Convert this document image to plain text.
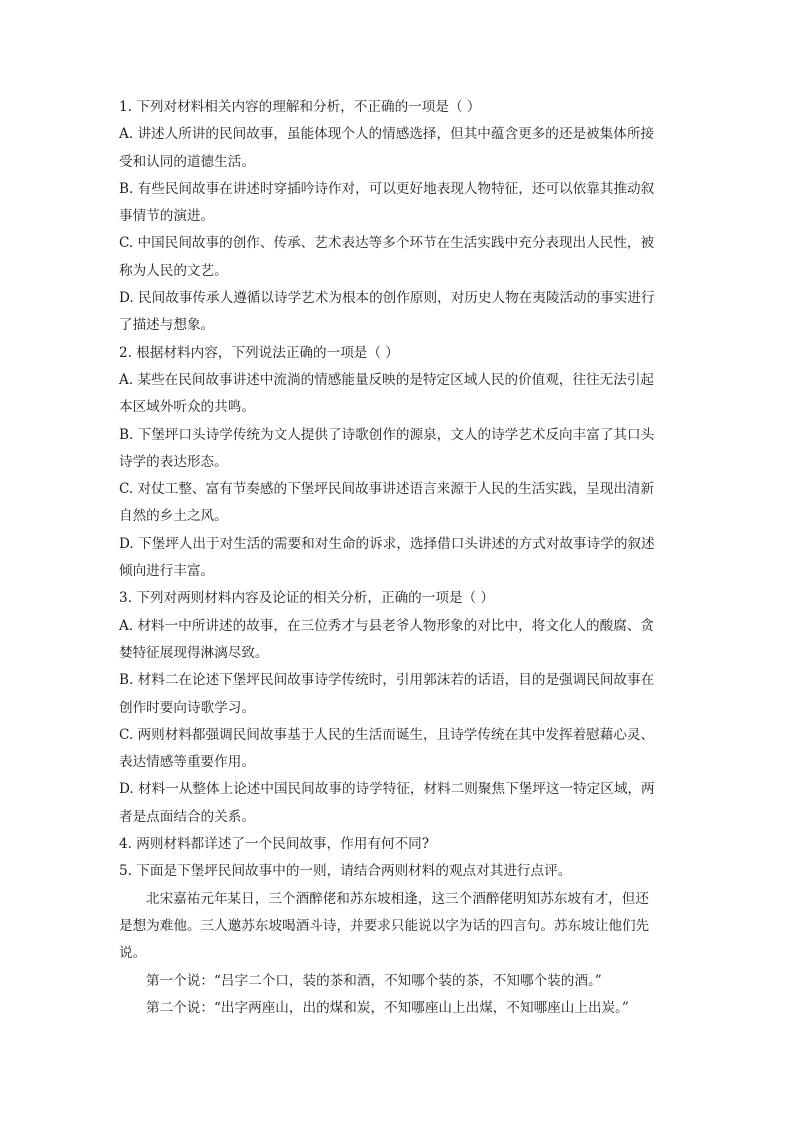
1. 下列对材料相关内容的理解和分析，不正确的一项是（ ）
A. 讲述人所讲的民间故事，虽能体现个人的情感选择，但其中蕴含更多的还是被集体所接
受和认同的道德生活。
B. 有些民间故事在讲述时穿插吟诗作对，可以更好地表现人物特征，还可以依靠其推动叙
事情节的演进。
C. 中国民间故事的创作、传承、艺术表达等多个环节在生活实践中充分表现出人民性，被
称为人民的文艺。
D. 民间故事传承人遵循以诗学艺术为根本的创作原则，对历史人物在夷陵活动的事实进行
了描述与想象。
2. 根据材料内容，下列说法正确的一项是（ ）
A. 某些在民间故事讲述中流淌的情感能量反映的是特定区域人民的价值观，往往无法引起
本区域外听众的共鸣。
B. 下堡坪口头诗学传统为文人提供了诗歌创作的源泉，文人的诗学艺术反向丰富了其口头
诗学的表达形态。
C. 对仗工整、富有节奏感的下堡坪民间故事讲述语言来源于人民的生活实践，呈现出清新
自然的乡土之风。
D. 下堡坪人出于对生活的需要和对生命的诉求，选择借口头讲述的方式对故事诗学的叙述
倾向进行丰富。
3. 下列对两则材料内容及论证的相关分析，正确的一项是（ ）
A. 材料一中所讲述的故事，在三位秀才与县老爷人物形象的对比中，将文化人的酸腐、贪
婪特征展现得淋漓尽致。
B. 材料二在论述下堡坪民间故事诗学传统时，引用郭沫若的话语，目的是强调民间故事在
创作时要向诗歌学习。
C. 两则材料都强调民间故事基于人民的生活而诞生，且诗学传统在其中发挥着慰藉心灵、
表达情感等重要作用。
D. 材料一从整体上论述中国民间故事的诗学特征，材料二则聚焦下堡坪这一特定区域，两
者是点面结合的关系。
4. 两则材料都详述了一个民间故事，作用有何不同?
5. 下面是下堡坪民间故事中的一则，请结合两则材料的观点对其进行点评。
北宋嘉祐元年某日，三个酒醉佬和苏东坡相逢，这三个酒醉佬明知苏东坡有才，但还
是想为难他。三人邀苏东坡喝酒斗诗，并要求只能说以字为话的四言句。苏东坡让他们先
说。
第一个说：“吕字二个口，装的茶和酒，不知哪个装的茶，不知哪个装的酒。”
第二个说：“出字两座山，出的煤和炭，不知哪座山上出煤，不知哪座山上出炭。”
